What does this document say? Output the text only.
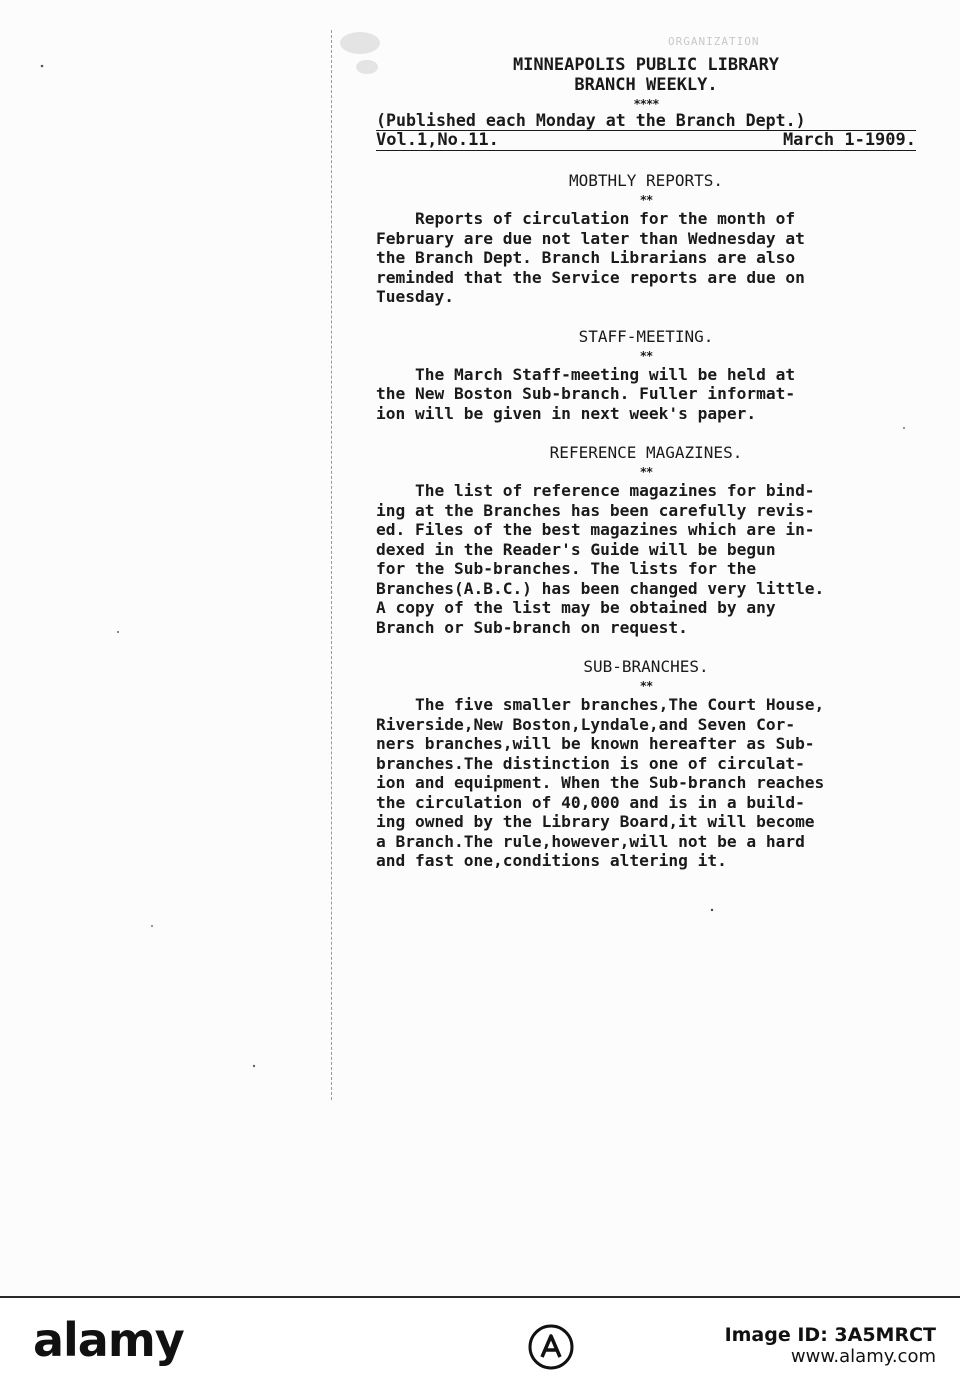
ORGANIZATION

MINNEAPOLIS PUBLIC LIBRARY

BRANCH WEEKLY.

****

(Published each Monday at the Branch Dept.)

Vol.1,No.11.	March 1-1909.

MOBTHLY REPORTS.

**

Reports of circulation for the month of

February are due not later than Wednesday at

the Branch Dept. Branch Librarians are also

reminded that the Service reports are due on

Tuesday.

STAFF-MEETING.

**

The March Staff-meeting will be held at

the New Boston Sub-branch. Fuller informat-

ion will be given in next week's paper.

REFERENCE MAGAZINES.

**

The list of reference magazines for bind-

ing at the Branches has been carefully revis-

ed. Files of the best magazines which are in-

dexed in the Reader's Guide will be begun

for the Sub-branches. The lists for the

Branches(A.B.C.) has been changed very little.

A copy of the list may be obtained by any

Branch or Sub-branch on request.

SUB-BRANCHES.

**

The five smaller branches,The Court House,

Riverside,New Boston,Lyndale,and Seven Cor-

ners branches,will be known hereafter as Sub-

branches.The distinction is one of circulat-

ion and equipment. When the Sub-branch reaches

the circulation of 40,000 and is in a build-

ing owned by the Library Board,it will become

a Branch.The rule,however,will not be a hard

and fast one,conditions altering it.

alamy	Image ID: 3A5MRCT
www.alamy.com
